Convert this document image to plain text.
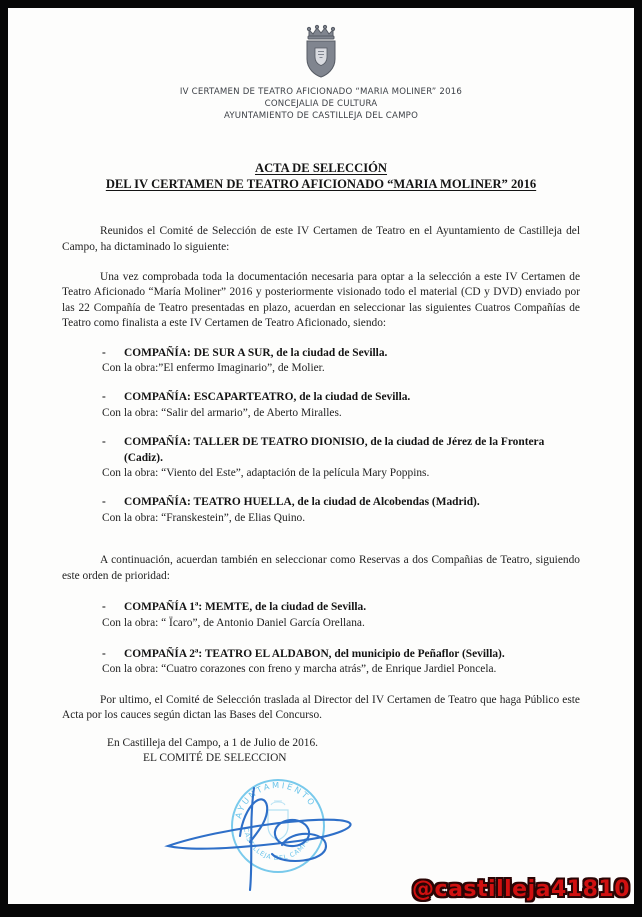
IV CERTAMEN DE TEATRO AFICIONADO “MARIA MOLINER” 2016
CONCEJALIA DE CULTURA
AYUNTAMIENTO DE CASTILLEJA DEL CAMPO
ACTA DE SELECCIÓN
DEL IV CERTAMEN DE TEATRO AFICIONADO “MARIA MOLINER” 2016

Reunidos el Comité de Selección de este IV Certamen de Teatro en el Ayuntamiento de Castilleja del Campo, ha dictaminado lo siguiente:

Una vez comprobada toda la documentación necesaria para optar a la selección a este IV Certamen de Teatro Aficionado “María Moliner” 2016 y posteriormente visionado todo el material (CD y DVD) enviado por las 22 Compañía de Teatro presentadas en plazo, acuerdan en seleccionar las siguientes Cuatros Compañías de Teatro como finalista a este IV Certamen de Teatro Aficionado, siendo:

-	COMPAÑÍA: DE SUR A SUR, de la ciudad de Sevilla.
Con la obra:”El enfermo Imaginario”, de Molier.
-	COMPAÑÍA: ESCAPARTEATRO, de la ciudad de Sevilla.
Con la obra: “Salir del armario”, de Aberto Miralles.
-	COMPAÑÍA: TALLER DE TEATRO DIONISIO, de la ciudad de Jérez de la Frontera (Cadiz).
Con la obra: “Viento del Este”, adaptación de la película Mary Poppins.
-	COMPAÑÍA: TEATRO HUELLA, de la ciudad de Alcobendas (Madrid).
Con la obra: “Franskestein”, de Elias Quino.

A continuación, acuerdan también en seleccionar como Reservas a dos Compañias de Teatro, siguiendo este orden de prioridad:

-	COMPAÑÍA 1ª: MEMTE, de la ciudad de Sevilla.
Con la obra: “ Ïcaro”, de Antonio Daniel García Orellana.
-	COMPAÑÍA 2ª: TEATRO EL ALDABON, del municipio de Peñaflor (Sevilla).
Con la obra: “Cuatro corazones con freno y marcha atrás”, de Enrique Jardiel Poncela.

Por ultimo, el Comité de Selección traslada al Director del IV Certamen de Teatro que haga Público este Acta por los cauces según dictan las Bases del Concurso.

En Castilleja del Campo, a 1 de Julio de 2016.
EL COMITÉ DE SELECCION
AYUNTAMIENTO
CASTILLEJA DEL CAMPO
@castilleja41810
